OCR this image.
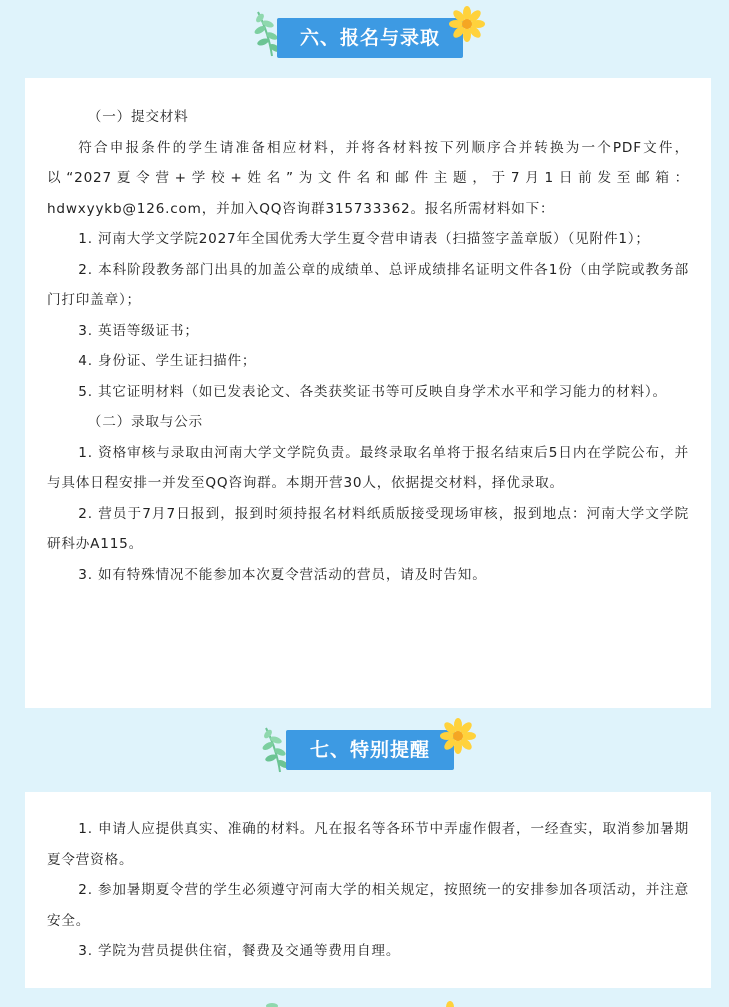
六、报名与录取

（一）提交材料

符合申报条件的学生请准备相应材料，并将各材料按下列顺序合并转换为一个PDF文件，以“2027夏令营+学校+姓名”为文件名和邮件主题，于7月1日前发至邮箱：hdwxyykb@126.com，并加入QQ咨询群315733362。报名所需材料如下：

1. 河南大学文学院2027年全国优秀大学生夏令营申请表（扫描签字盖章版）（见附件1）；

2. 本科阶段教务部门出具的加盖公章的成绩单、总评成绩排名证明文件各1份（由学院或教务部门打印盖章）；

3. 英语等级证书；

4. 身份证、学生证扫描件；

5. 其它证明材料（如已发表论文、各类获奖证书等可反映自身学术水平和学习能力的材料）。

（二）录取与公示

1. 资格审核与录取由河南大学文学院负责。最终录取名单将于报名结束后5日内在学院公布，并与具体日程安排一并发至QQ咨询群。本期开营30人，依据提交材料，择优录取。

2. 营员于7月7日报到，报到时须持报名材料纸质版接受现场审核，报到地点：河南大学文学院研科办A115。

3. 如有特殊情况不能参加本次夏令营活动的营员，请及时告知。

七、特别提醒

1. 申请人应提供真实、准确的材料。凡在报名等各环节中弄虚作假者，一经查实，取消参加暑期夏令营资格。

2. 参加暑期夏令营的学生必须遵守河南大学的相关规定，按照统一的安排参加各项活动，并注意安全。

3. 学院为营员提供住宿，餐费及交通等费用自理。
